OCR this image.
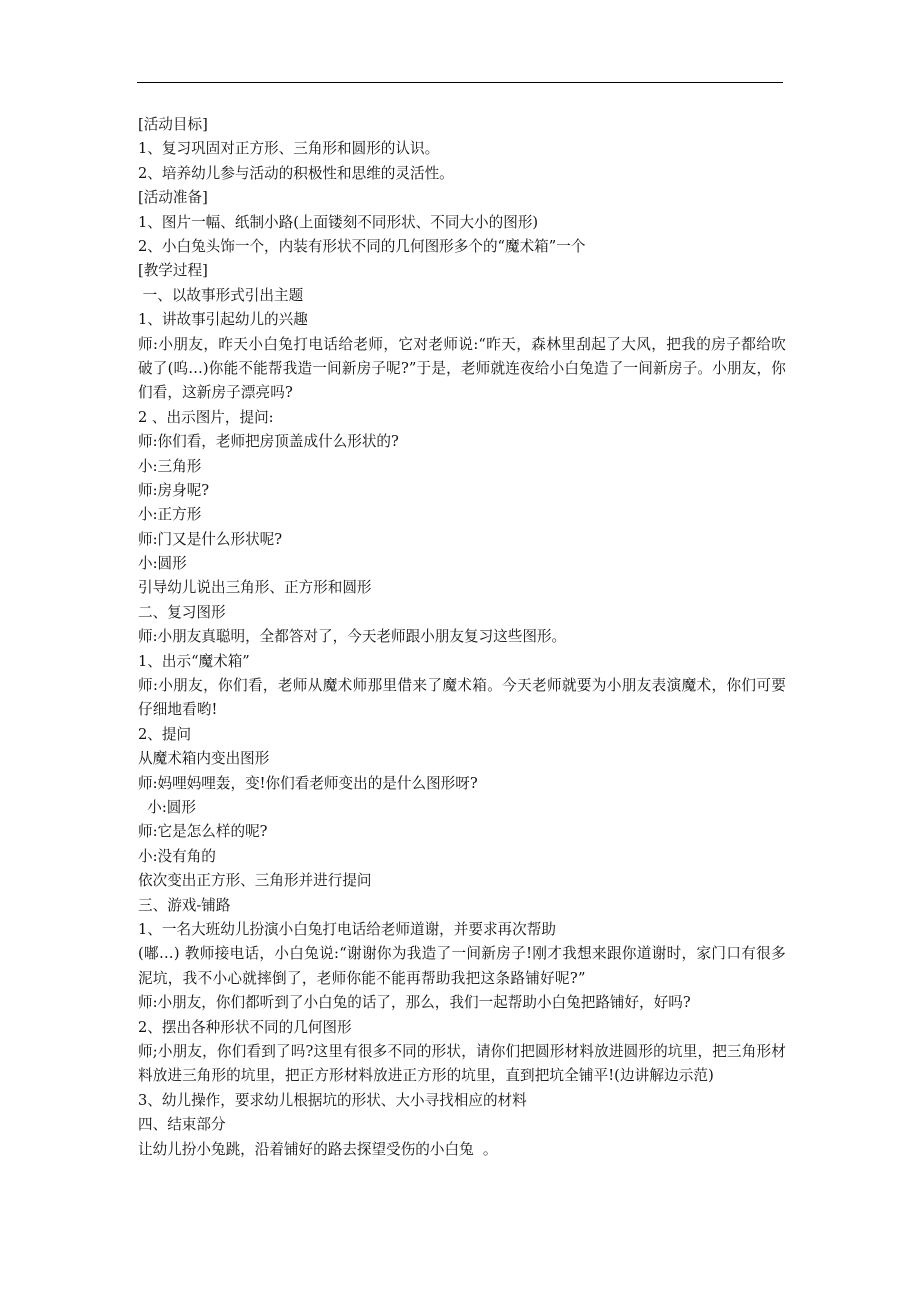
[活动目标]
1、复习巩固对正方形、三角形和圆形的认识。
2、培养幼儿参与活动的积极性和思维的灵活性。
[活动准备]
1、图片一幅、纸制小路(上面镂刻不同形状、不同大小的图形)
2、小白兔头饰一个，内装有形状不同的几何图形多个的“魔术箱”一个
[教学过程]
一、以故事形式引出主题
1、讲故事引起幼儿的兴趣
师:小朋友，昨天小白兔打电话给老师，它对老师说:“昨天，森林里刮起了大风，把我的房子都给吹破了(呜…)你能不能帮我造一间新房子呢?”于是，老师就连夜给小白兔造了一间新房子。小朋友，你们看，这新房子漂亮吗?
2 、出示图片，提问:
师:你们看，老师把房顶盖成什么形状的?
小:三角形
师:房身呢?
小:正方形
师:门又是什么形状呢?
小:圆形
引导幼儿说出三角形、正方形和圆形
二、复习图形
师:小朋友真聪明，全都答对了，今天老师跟小朋友复习这些图形。
1、出示“魔术箱”
师:小朋友，你们看，老师从魔术师那里借来了魔术箱。今天老师就要为小朋友表演魔术，你们可要仔细地看哟!
2、提问
从魔术箱内变出图形
师:妈哩妈哩轰，变!你们看老师变出的是什么图形呀?
小:圆形
师:它是怎么样的呢?
小:没有角的
依次变出正方形、三角形并进行提问
三、游戏-铺路
1、一名大班幼儿扮演小白兔打电话给老师道谢，并要求再次帮助
(嘟…) 教师接电话，小白兔说:“谢谢你为我造了一间新房子!刚才我想来跟你道谢时，家门口有很多泥坑，我不小心就摔倒了，老师你能不能再帮助我把这条路铺好呢?”
师:小朋友，你们都听到了小白兔的话了，那么，我们一起帮助小白兔把路铺好，好吗?
2、摆出各种形状不同的几何图形
师;小朋友，你们看到了吗?这里有很多不同的形状，请你们把圆形材料放进圆形的坑里，把三角形材料放进三角形的坑里，把正方形材料放进正方形的坑里，直到把坑全铺平!(边讲解边示范)
3、幼儿操作，要求幼儿根据坑的形状、大小寻找相应的材料
四、结束部分
让幼儿扮小兔跳，沿着铺好的路去探望受伤的小白兔  。
